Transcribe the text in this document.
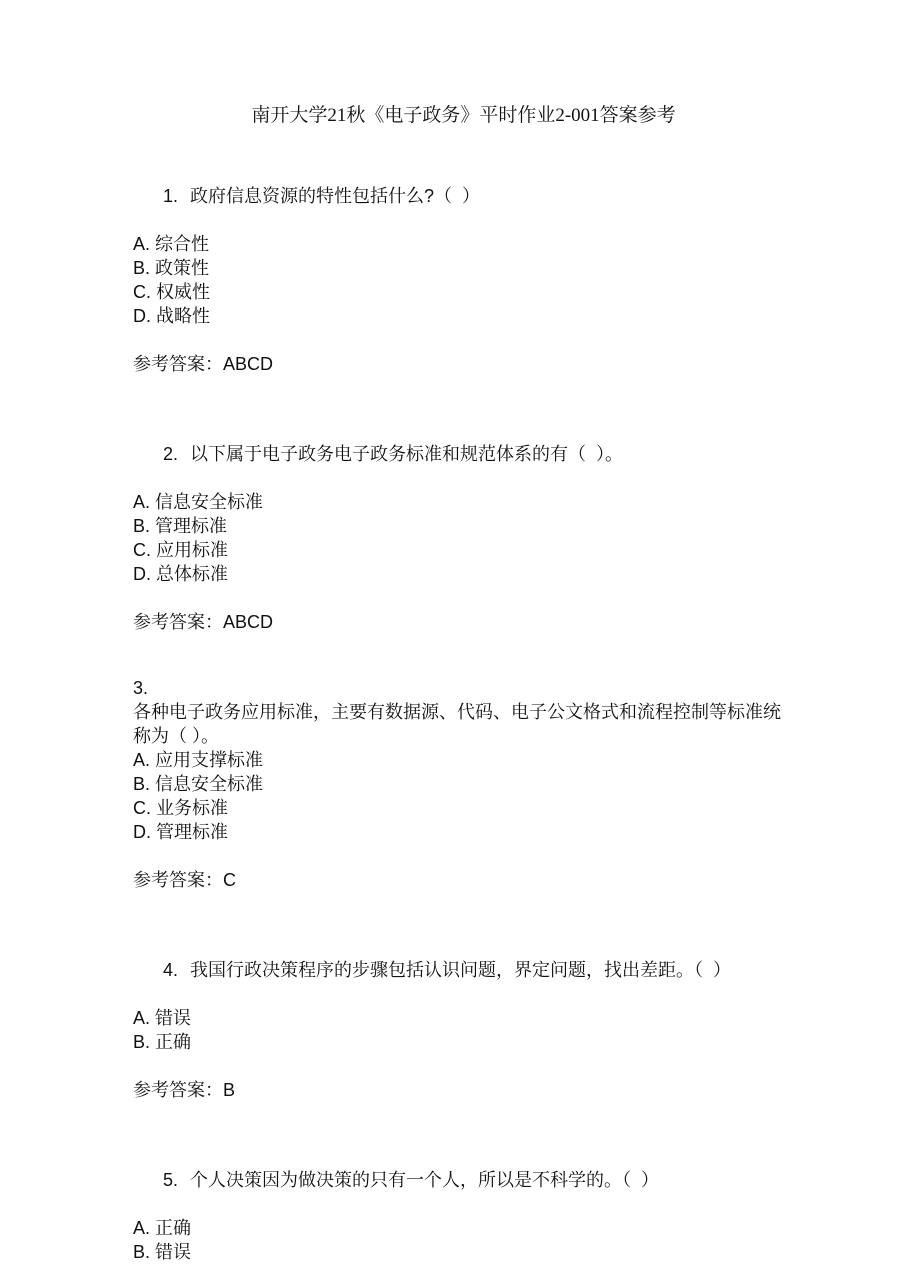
南开大学21秋《电子政务》平时作业2-001答案参考

1. 政府信息资源的特性包括什么?（  ）

A. 综合性
B. 政策性
C. 权威性
D. 战略性
参考答案：ABCD

2. 以下属于电子政务电子政务标准和规范体系的有（  ）。

A. 信息安全标准
B. 管理标准
C. 应用标准
D. 总体标准
参考答案：ABCD
3.
各种电子政务应用标准，主要有数据源、代码、电子公文格式和流程控制等标准统称为（ ）。
A. 应用支撑标准
B. 信息安全标准
C. 业务标准
D. 管理标准
参考答案：C

4. 我国行政决策程序的步骤包括认识问题，界定问题，找出差距。（  ）

A. 错误
B. 正确
参考答案：B

5. 个人决策因为做决策的只有一个人，所以是不科学的。（  ）

A. 正确
B. 错误
